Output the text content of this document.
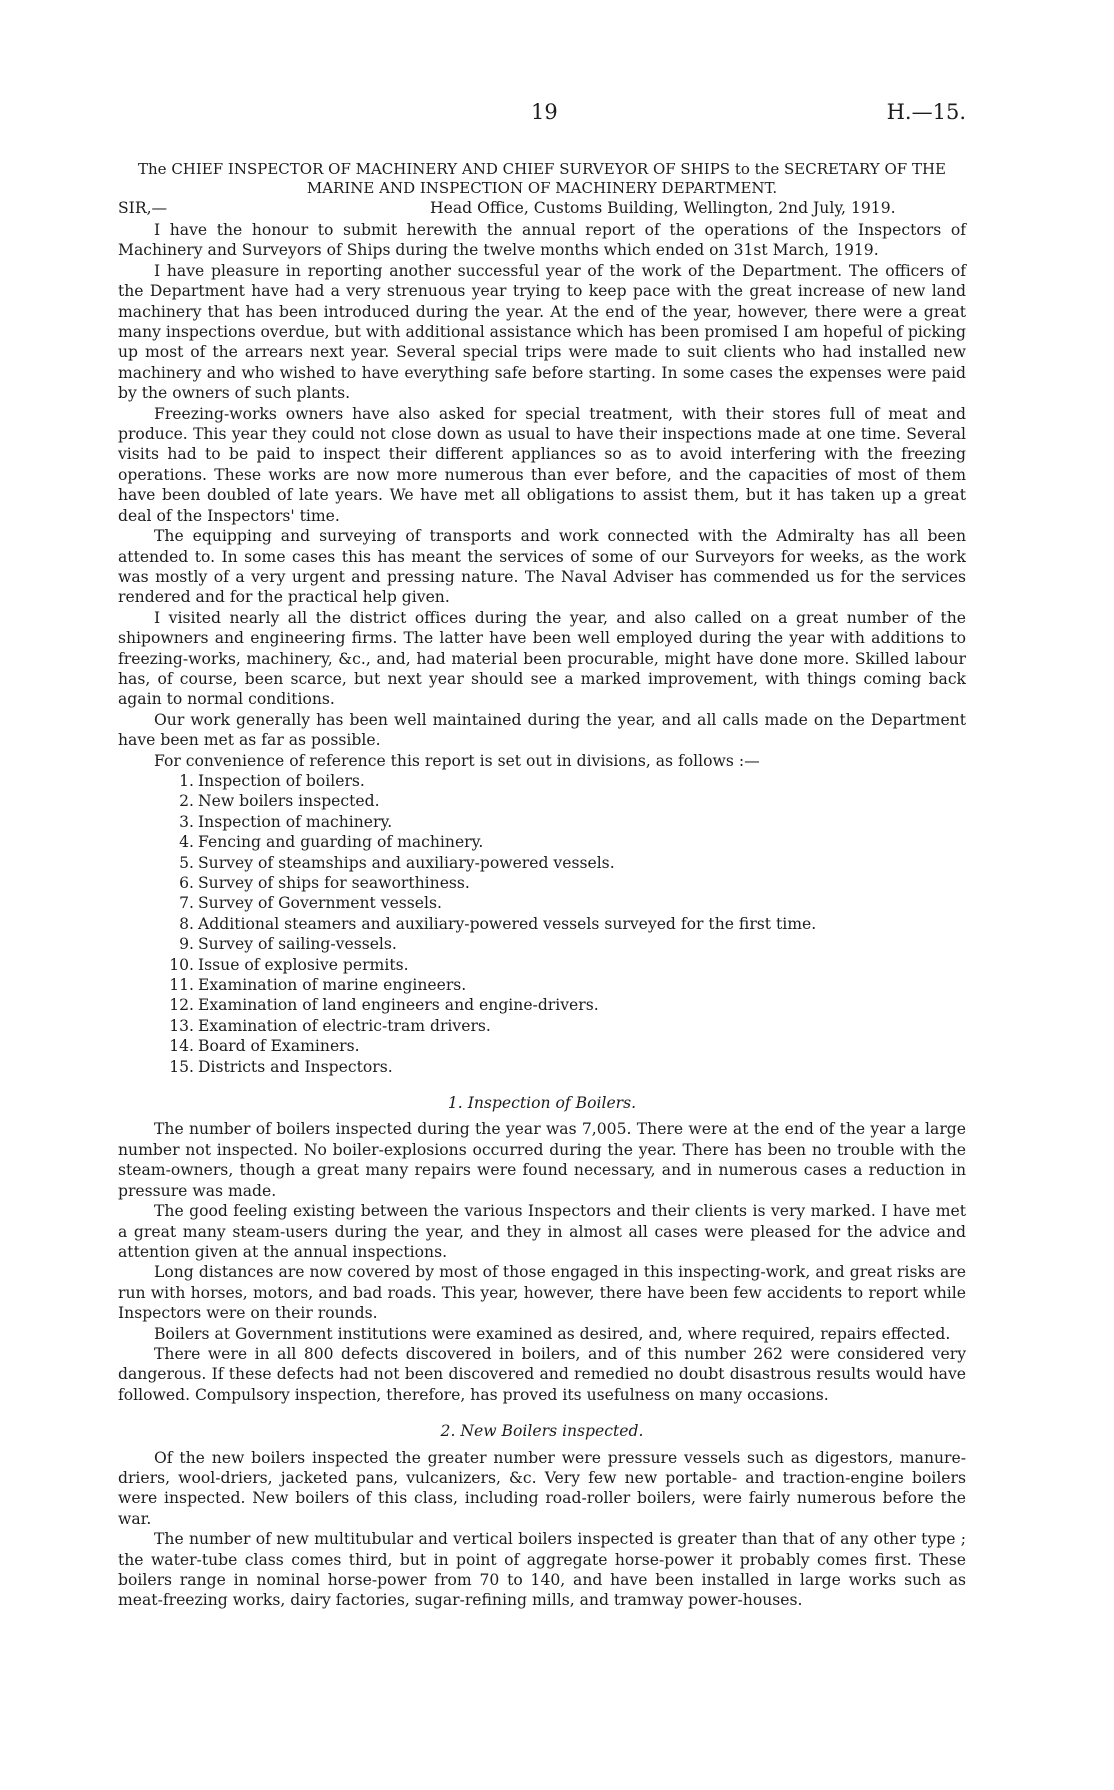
19	H.—15.
The CHIEF INSPECTOR OF MACHINERY AND CHIEF SURVEYOR OF SHIPS to the SECRETARY OF THE
MARINE AND INSPECTION OF MACHINERY DEPARTMENT.
SIR,—	Head Office, Customs Building, Wellington, 2nd July, 1919.

I have the honour to submit herewith the annual report of the operations of the Inspectors of Machinery and Surveyors of Ships during the twelve months which ended on 31st March, 1919.

I have pleasure in reporting another successful year of the work of the Department. The officers of the Department have had a very strenuous year trying to keep pace with the great increase of new land machinery that has been introduced during the year. At the end of the year, however, there were a great many inspections overdue, but with additional assistance which has been promised I am hopeful of picking up most of the arrears next year. Several special trips were made to suit clients who had installed new machinery and who wished to have everything safe before starting. In some cases the expenses were paid by the owners of such plants.

Freezing-works owners have also asked for special treatment, with their stores full of meat and produce. This year they could not close down as usual to have their inspections made at one time. Several visits had to be paid to inspect their different appliances so as to avoid interfering with the freezing operations. These works are now more numerous than ever before, and the capacities of most of them have been doubled of late years. We have met all obligations to assist them, but it has taken up a great deal of the Inspectors' time.

The equipping and surveying of transports and work connected with the Admiralty has all been attended to. In some cases this has meant the services of some of our Surveyors for weeks, as the work was mostly of a very urgent and pressing nature. The Naval Adviser has commended us for the services rendered and for the practical help given.

I visited nearly all the district offices during the year, and also called on a great number of the shipowners and engineering firms. The latter have been well employed during the year with additions to freezing-works, machinery, &c., and, had material been procurable, might have done more. Skilled labour has, of course, been scarce, but next year should see a marked improvement, with things coming back again to normal conditions.

Our work generally has been well maintained during the year, and all calls made on the Department have been met as far as possible.

For convenience of reference this report is set out in divisions, as follows :—

1. Inspection of boilers.
2. New boilers inspected.
3. Inspection of machinery.
4. Fencing and guarding of machinery.
5. Survey of steamships and auxiliary-powered vessels.
6. Survey of ships for seaworthiness.
7. Survey of Government vessels.
8. Additional steamers and auxiliary-powered vessels surveyed for the first time.
9. Survey of sailing-vessels.
10. Issue of explosive permits.
11. Examination of marine engineers.
12. Examination of land engineers and engine-drivers.
13. Examination of electric-tram drivers.
14. Board of Examiners.
15. Districts and Inspectors.
1. Inspection of Boilers.

The number of boilers inspected during the year was 7,005. There were at the end of the year a large number not inspected. No boiler-explosions occurred during the year. There has been no trouble with the steam-owners, though a great many repairs were found necessary, and in numerous cases a reduction in pressure was made.

The good feeling existing between the various Inspectors and their clients is very marked. I have met a great many steam-users during the year, and they in almost all cases were pleased for the advice and attention given at the annual inspections.

Long distances are now covered by most of those engaged in this inspecting-work, and great risks are run with horses, motors, and bad roads. This year, however, there have been few accidents to report while Inspectors were on their rounds.

Boilers at Government institutions were examined as desired, and, where required, repairs effected.

There were in all 800 defects discovered in boilers, and of this number 262 were considered very dangerous. If these defects had not been discovered and remedied no doubt disastrous results would have followed. Compulsory inspection, therefore, has proved its usefulness on many occasions.

2. New Boilers inspected.

Of the new boilers inspected the greater number were pressure vessels such as digestors, manure-driers, wool-driers, jacketed pans, vulcanizers, &c. Very few new portable- and traction-engine boilers were inspected. New boilers of this class, including road-roller boilers, were fairly numerous before the war.

The number of new multitubular and vertical boilers inspected is greater than that of any other type ; the water-tube class comes third, but in point of aggregate horse-power it probably comes first. These boilers range in nominal horse-power from 70 to 140, and have been installed in large works such as meat-freezing works, dairy factories, sugar-refining mills, and tramway power-houses.
